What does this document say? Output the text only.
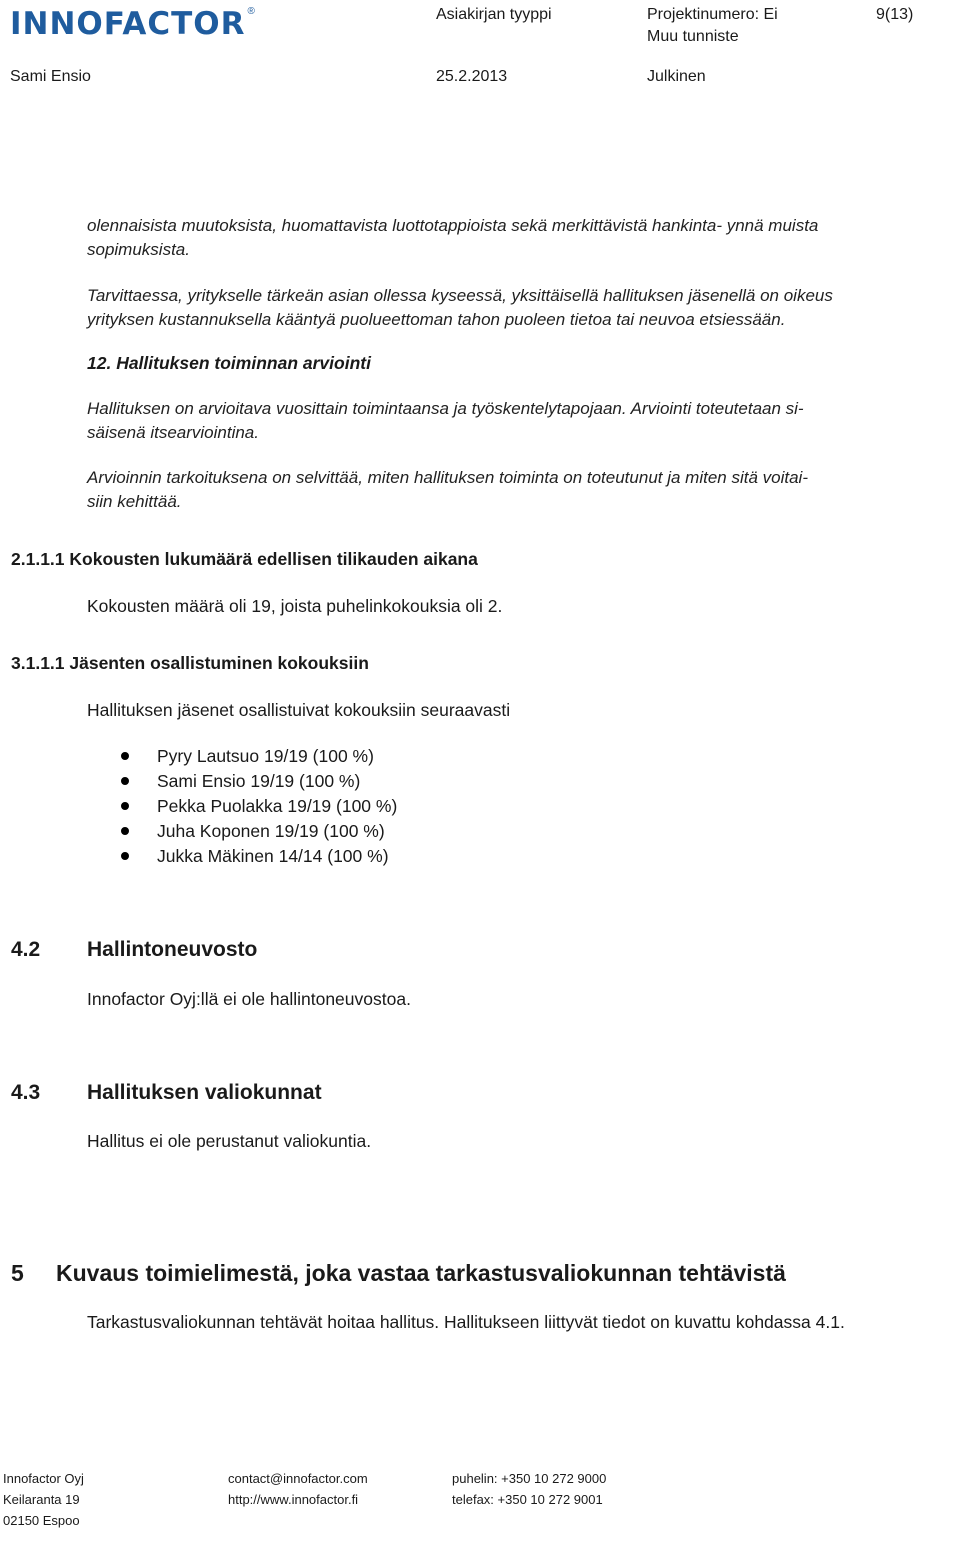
INNOFACTOR ®	Asiakirjan tyyppi	Projektinumero: Ei
Muu tunniste
9(13)
Sami Ensio	25.2.2013	Julkinen
olennaisista muutoksista, huomattavista luottotappioista sekä merkittävistä hankinta- ynnä muista
sopimuksista.
Tarvittaessa, yritykselle tärkeän asian ollessa kyseessä, yksittäisellä hallituksen jäsenellä on oikeus
yrityksen kustannuksella kääntyä puolueettoman tahon puoleen tietoa tai neuvoa etsiessään.
12. Hallituksen toiminnan arviointi
Hallituksen on arvioitava vuosittain toimintaansa ja työskentelytapojaan. Arviointi toteutetaan si-
säisenä itsearviointina.
Arvioinnin tarkoituksena on selvittää, miten hallituksen toiminta on toteutunut ja miten sitä voitai-
siin kehittää.
2.1.1.1 Kokousten lukumäärä edellisen tilikauden aikana
Kokousten määrä oli 19, joista puhelinkokouksia oli 2.
3.1.1.1 Jäsenten osallistuminen kokouksiin
Hallituksen jäsenet osallistuivat kokouksiin seuraavasti
Pyry Lautsuo 19/19 (100 %)
Sami Ensio 19/19 (100 %)
Pekka Puolakka 19/19 (100 %)
Juha Koponen 19/19 (100 %)
Jukka Mäkinen 14/14 (100 %)
4.2 Hallintoneuvosto
Innofactor Oyj:llä ei ole hallintoneuvostoa.
4.3 Hallituksen valiokunnat
Hallitus ei ole perustanut valiokuntia.
5 Kuvaus toimielimestä, joka vastaa tarkastusvaliokunnan tehtävistä
Tarkastusvaliokunnan tehtävät hoitaa hallitus. Hallitukseen liittyvät tiedot on kuvattu kohdassa 4.1.
Innofactor Oyj
Keilaranta 19
02150 Espoo
contact@innofactor.com
http://www.innofactor.fi
puhelin: +350 10 272 9000
telefax: +350 10 272 9001
